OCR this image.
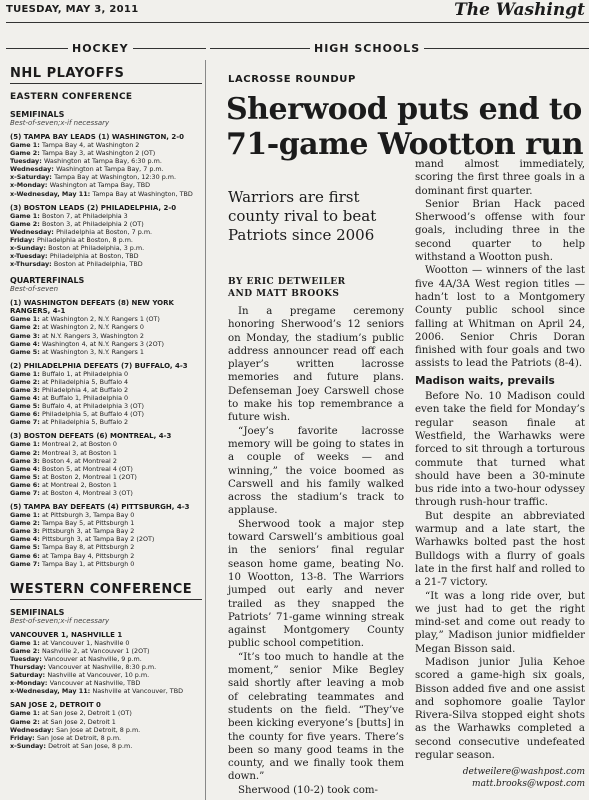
TUESDAY, MAY 3, 2011	The Washingt
HOCKEY	HIGH SCHOOLS
NHL PLAYOFFS
EASTERN CONFERENCE
SEMIFINALS
Best-of-seven;x-if necessary
(5) TAMPA BAY LEADS (1) WASHINGTON, 2-0
Game 1: Tampa Bay 4, at Washington 2
Game 2: Tampa Bay 3, at Washington 2 (OT)
Tuesday: Washington at Tampa Bay, 6:30 p.m.
Wednesday: Washington at Tampa Bay, 7 p.m.
x-Saturday: Tampa Bay at Washington, 12:30 p.m.
x-Monday: Washington at Tampa Bay, TBD
x-Wednesday, May 11: Tampa Bay at Washington, TBD
(3) BOSTON LEADS (2) PHILADELPHIA, 2-0
Game 1: Boston 7, at Philadelphia 3
Game 2: Boston 3, at Philadelphia 2 (OT)
Wednesday: Philadelphia at Boston, 7 p.m.
Friday: Philadelphia at Boston, 8 p.m.
x-Sunday: Boston at Philadelphia, 3 p.m.
x-Tuesday: Philadelphia at Boston, TBD
x-Thursday: Boston at Philadelphia, TBD
QUARTERFINALS
Best-of-seven
(1) WASHINGTON DEFEATS (8) NEW YORK RANGERS, 4-1
Game 1: at Washington 2, N.Y. Rangers 1 (OT)
Game 2: at Washington 2, N.Y. Rangers 0
Game 3: at N.Y. Rangers 3, Washington 2
Game 4: Washington 4, at N.Y. Rangers 3 (2OT)
Game 5: at Washington 3, N.Y. Rangers 1
(2) PHILADELPHIA DEFEATS (7) BUFFALO, 4-3
Game 1: Buffalo 1, at Philadelphia 0
Game 2: at Philadelphia 5, Buffalo 4
Game 3: Philadelphia 4, at Buffalo 2
Game 4: at Buffalo 1, Philadelphia 0
Game 5: Buffalo 4, at Philadelphia 3 (OT)
Game 6: Philadelphia 5, at Buffalo 4 (OT)
Game 7: at Philadelphia 5, Buffalo 2
(3) BOSTON DEFEATS (6) MONTREAL, 4-3
Game 1: Montreal 2, at Boston 0
Game 2: Montreal 3, at Boston 1
Game 3: Boston 4, at Montreal 2
Game 4: Boston 5, at Montreal 4 (OT)
Game 5: at Boston 2, Montreal 1 (2OT)
Game 6: at Montreal 2, Boston 1
Game 7: at Boston 4, Montreal 3 (OT)
(5) TAMPA BAY DEFEATS (4) PITTSBURGH, 4-3
Game 1: at Pittsburgh 3, Tampa Bay 0
Game 2: Tampa Bay 5, at Pittsburgh 1
Game 3: Pittsburgh 3, at Tampa Bay 2
Game 4: Pittsburgh 3, at Tampa Bay 2 (2OT)
Game 5: Tampa Bay 8, at Pittsburgh 2
Game 6: at Tampa Bay 4, Pittsburgh 2
Game 7: Tampa Bay 1, at Pittsburgh 0
WESTERN CONFERENCE
SEMIFINALS
Best-of-seven;x-if necessary
VANCOUVER 1, NASHVILLE 1
Game 1: at Vancouver 1, Nashville 0
Game 2: Nashville 2, at Vancouver 1 (2OT)
Tuesday: Vancouver at Nashville, 9 p.m.
Thursday: Vancouver at Nashville, 8:30 p.m.
Saturday: Nashville at Vancouver, 10 p.m.
x-Monday: Vancouver at Nashville, TBD
x-Wednesday, May 11: Nashville at Vancouver, TBD
SAN JOSE 2, DETROIT 0
Game 1: at San Jose 2, Detroit 1 (OT)
Game 2: at San Jose 2, Detroit 1
Wednesday: San Jose at Detroit, 8 p.m.
Friday: San Jose at Detroit, 8 p.m.
x-Sunday: Detroit at San Jose, 8 p.m.
LACROSSE ROUNDUP
Sherwood puts end to 71-game Wootton run
Warriors are first county rival to beat Patriots since 2006
BY ERIC DETWEILER
AND MATT BROOKS

In a pregame ceremony honoring Sherwood’s 12 seniors on Monday, the stadium’s public address announcer read off each player’s written lacrosse memories and future plans. Defenseman Joey Carswell chose to make his top remembrance a future wish.

“Joey’s favorite lacrosse memory will be going to states in a couple of weeks — and winning,” the voice boomed as Carswell and his family walked across the stadium’s track to applause.

Sherwood took a major step toward Carswell’s ambitious goal in the seniors’ final regular season home game, beating No. 10 Wootton, 13-8. The Warriors jumped out early and never trailed as they snapped the Patriots’ 71-game winning streak against Montgomery County public school competition.

“It’s too much to handle at the moment,” senior Mike Begley said shortly after leaving a mob of celebrating teammates and students on the field. “They’ve been kicking everyone’s [butts] in the county for five years. There’s been so many good teams in the county, and we finally took them down.”

Sherwood (10-2) took com-

mand almost immediately, scoring the first three goals in a dominant first quarter.

Senior Brian Hack paced Sherwood’s offense with four goals, including three in the second quarter to help withstand a Wootton push.

Wootton — winners of the last five 4A/3A West region titles — hadn’t lost to a Montgomery County public school since falling at Whitman on April 24, 2006. Senior Chris Doran finished with four goals and two assists to lead the Patriots (8-4).

Madison waits, prevails

Before No. 10 Madison could even take the field for Monday’s regular season finale at Westfield, the Warhawks were forced to sit through a torturous commute that turned what should have been a 30-minute bus ride into a two-hour odyssey through rush-hour traffic.

But despite an abbreviated warmup and a late start, the Warhawks bolted past the host Bulldogs with a flurry of goals late in the first half and rolled to a 21-7 victory.

“It was a long ride over, but we just had to get the right mind-set and come out ready to play,” Madison junior midfielder Megan Bisson said.

Madison junior Julia Kehoe scored a game-high six goals, Bisson added five and one assist and sophomore goalie Taylor Rivera-Silva stopped eight shots as the Warhawks completed a second consecutive undefeated regular season.

detweilere@washpost.com
matt.brooks@wpost.com
